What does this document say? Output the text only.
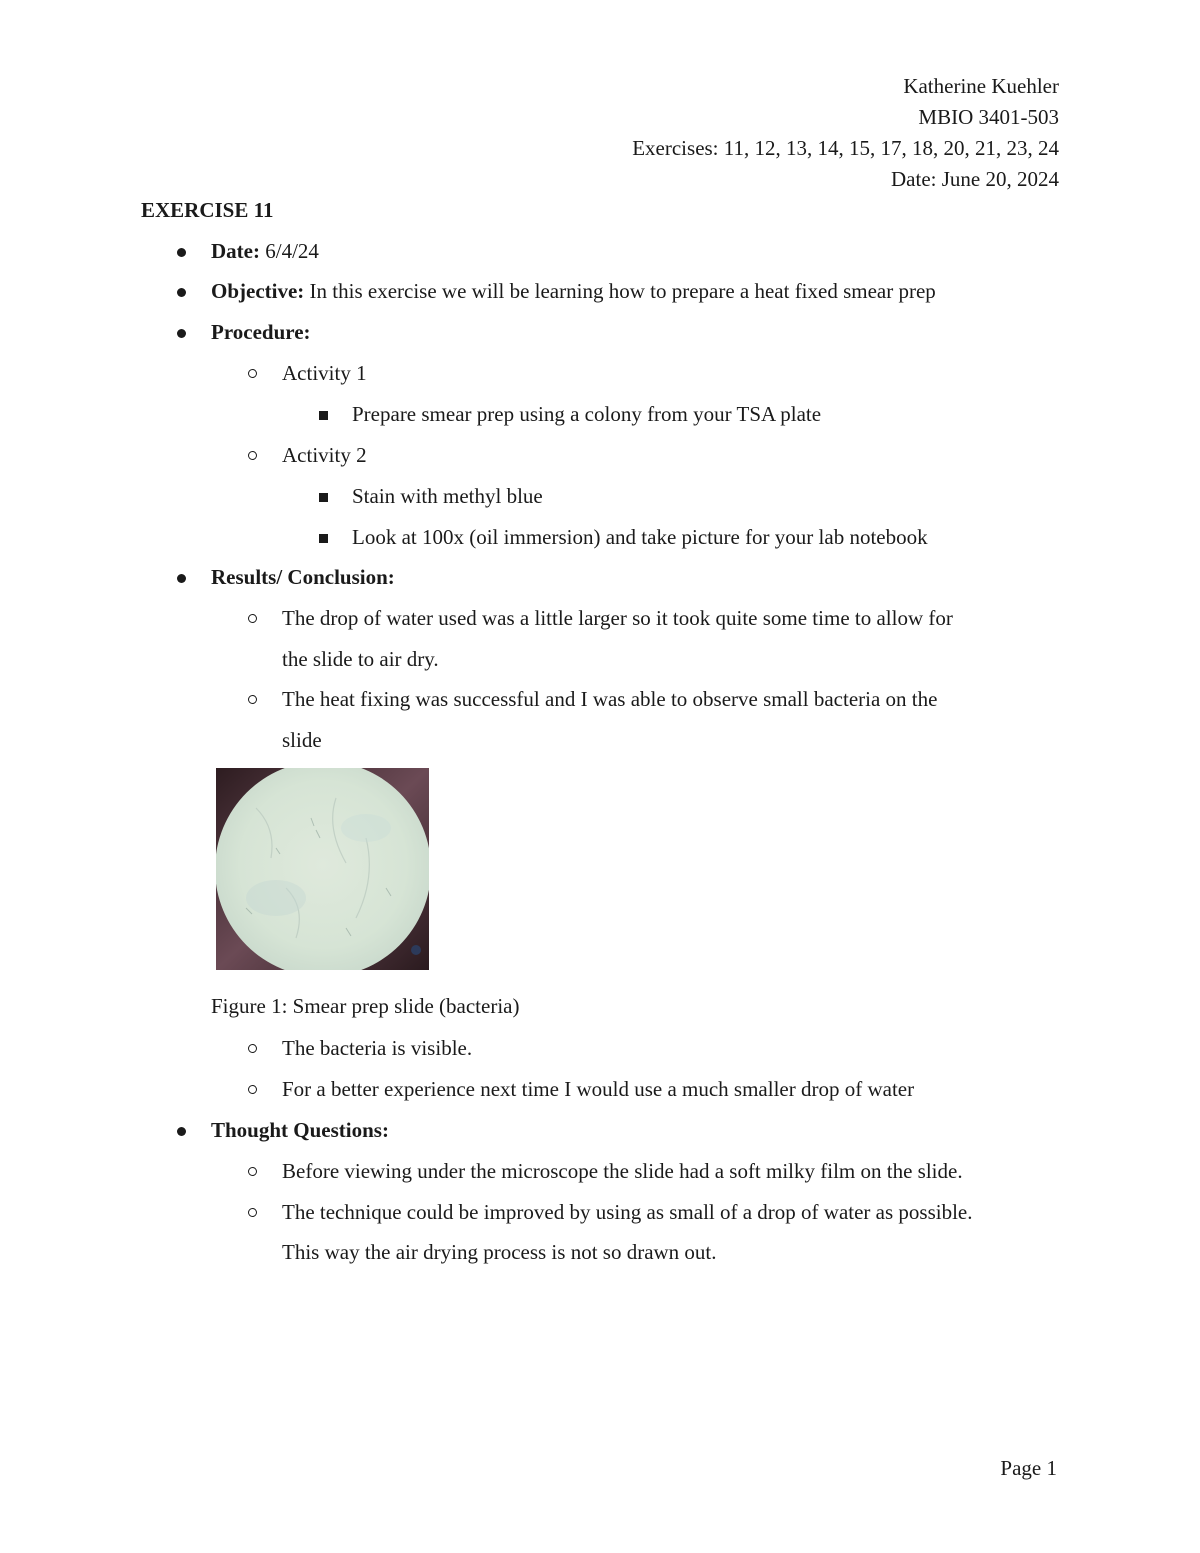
Katherine Kuehler
MBIO 3401-503
Exercises: 11, 12, 13, 14, 15, 17, 18, 20, 21, 23, 24
Date: June 20, 2024
EXERCISE 11
Date: 6/4/24
Objective: In this exercise we will be learning how to prepare a heat fixed smear prep
Procedure:
Activity 1
Prepare smear prep using a colony from your TSA plate
Activity 2
Stain with methyl blue
Look at 100x (oil immersion) and take picture for your lab notebook
Results/ Conclusion:
The drop of water used was a little larger so it took quite some time to allow for
the slide to air dry.
The heat fixing was successful and I was able to observe small bacteria on the
slide
Figure 1: Smear prep slide (bacteria)
The bacteria is visible.
For a better experience next time I would use a much smaller drop of water
Thought Questions:
Before viewing under the microscope the slide had a soft milky film on the slide.
The technique could be improved by using as small of a drop of water as possible.
This way the air drying process is not so drawn out.
Page 1
